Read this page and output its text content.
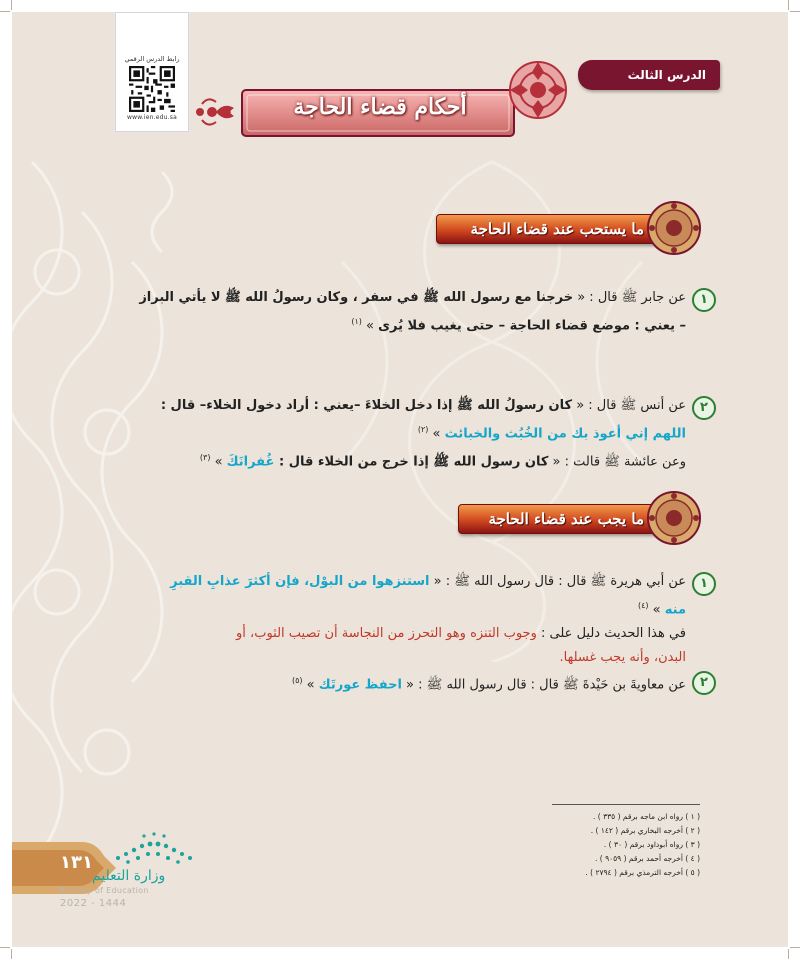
رابط الدرس الرقمي
www.ien.edu.sa
الدرس الثالث
أحكام قضاء الحاجة
ما يستحب عند قضاء الحاجة
١
عن جابر ﷺ قال : « خرجنا مع رسول الله ﷺ في سفر ، وكان رسولُ الله ﷺ لا يأتي البراز
– يعني : موضع قضاء الحاجة – حتى يغيب فلا يُرى » $^{(١)}$
٢
عن أنس ﷺ قال : « كان رسولُ الله ﷺ إذا دخل الخلاءَ –يعني : أراد دخول الخلاء– قال :
اللهم إني أعوذ بك من الخُبُث والخبائث » $^{(٢)}$
وعن عائشة ﷺ قالت : « كان رسول الله ﷺ إذا خرج من الخلاء قال : غُفرانَكَ » $^{(٣)}$
ما يجب عند قضاء الحاجة
١
عن أبي هريرة ﷺ قال : قال رسول الله ﷺ : « استنزهوا من البوْل، فإن أكثرَ عذابِ القبرِ
منه » $^{(٤)}$
في هذا الحديث دليل على : وجوب التنزه وهو التحرز من النجاسة أن تصيب الثوب، أو
البدن، وأنه يجب غسلها.
٢
عن معاويةَ بن حَيْدةَ ﷺ قال : قال رسول الله ﷺ : « احفظ عورتَك » $^{(٥)}$
( ١ ) رواه ابن ماجه برقم ( ٣٣٥ ) .
( ٢ ) أخرجه البخاري برقم ( ١٤٢ ) .
( ٣ ) رواه أبوداود برقم ( ٣٠ ) .
( ٤ ) أخرجه أحمد برقم ( ٩٠٥٩ ) .
( ٥ ) أخرجه الترمذي برقم ( ٢٧٩٤ ) .
١٣١
وزارة التعليم
Ministry of Education
2022 - 1444
